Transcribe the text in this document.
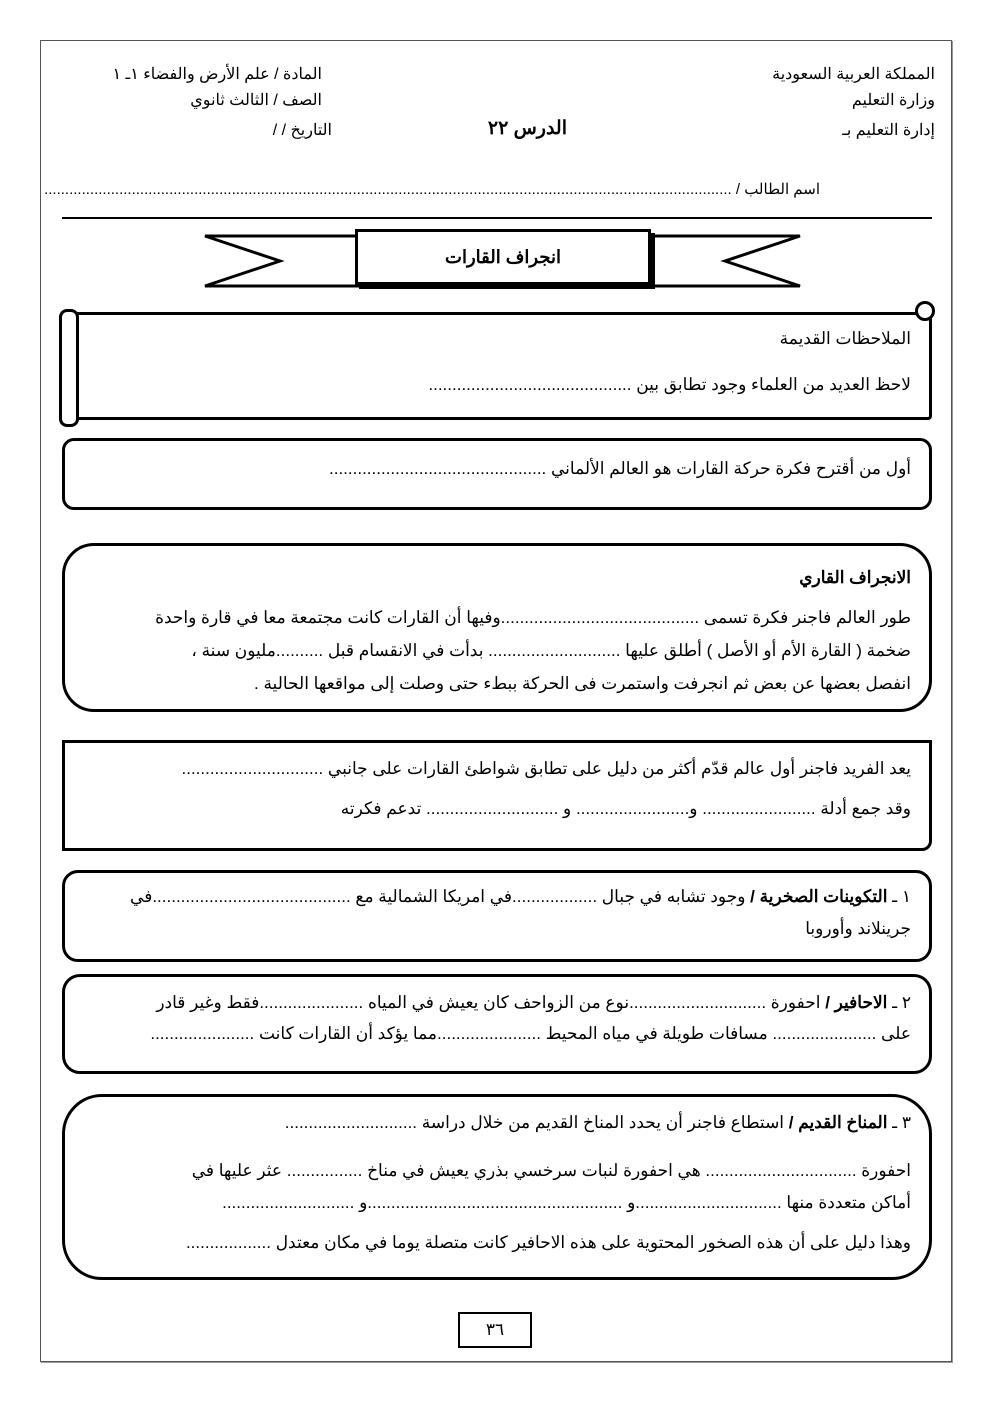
المملكة العربية السعودية
وزارة التعليم
إدارة التعليم بـ
المادة / علم الأرض والفضاء ١ـ ١
الصف / الثالث ثانوي
التاريخ / /	الدرس ٢٢
اسم الطالب / .....................................................................................................................................................................
انجراف القارات
الملاحظات القديمة
لاحظ العديد من العلماء وجود تطابق بين ...........................................
أول من أقترح فكرة حركة القارات هو العالم الألماني ..............................................
الانجراف القاري
طور العالم فاجنر فكرة تسمى ..........................................وفيها أن القارات كانت مجتمعة معا في قارة واحدة
ضخمة ( القارة الأم أو الأصل ) أطلق عليها ............................ بدأت في الانقسام قبل ..........مليون سنة ،
انفصل بعضها عن بعض ثم انجرفت واستمرت فى الحركة ببطء حتى وصلت إلى مواقعها الحالية .
يعد الفريد فاجنر أول عالم قدّم أكثر من دليل على تطابق شواطئ القارات على جانبي ..............................
وقد جمع أدلة ........................ و........................ و ............................ تدعم فكرته
١ ـ التكوينات الصخرية / وجود تشابه في جبال ..................في امريكا الشمالية مع ..........................................في
جرينلاند وأوروبا
٢ ـ الاحافير / احفورة .............................نوع من الزواحف كان يعيش في المياه ......................فقط وغير قادر
على ...................... مسافات طويلة في مياه المحيط ......................مما يؤكد أن القارات كانت ......................
٣ ـ المناخ القديم / استطاع فاجنر أن يحدد المناخ القديم من خلال دراسة ............................
احفورة ................................ هي احفورة لنبات سرخسي بذري يعيش في مناخ ................ عثر عليها في
أماكن متعددة منها ...............................و ......................................................و ............................
وهذا دليل على أن هذه الصخور المحتوية على هذه الاحافير كانت متصلة يوما في مكان معتدل ..................
٣٦
